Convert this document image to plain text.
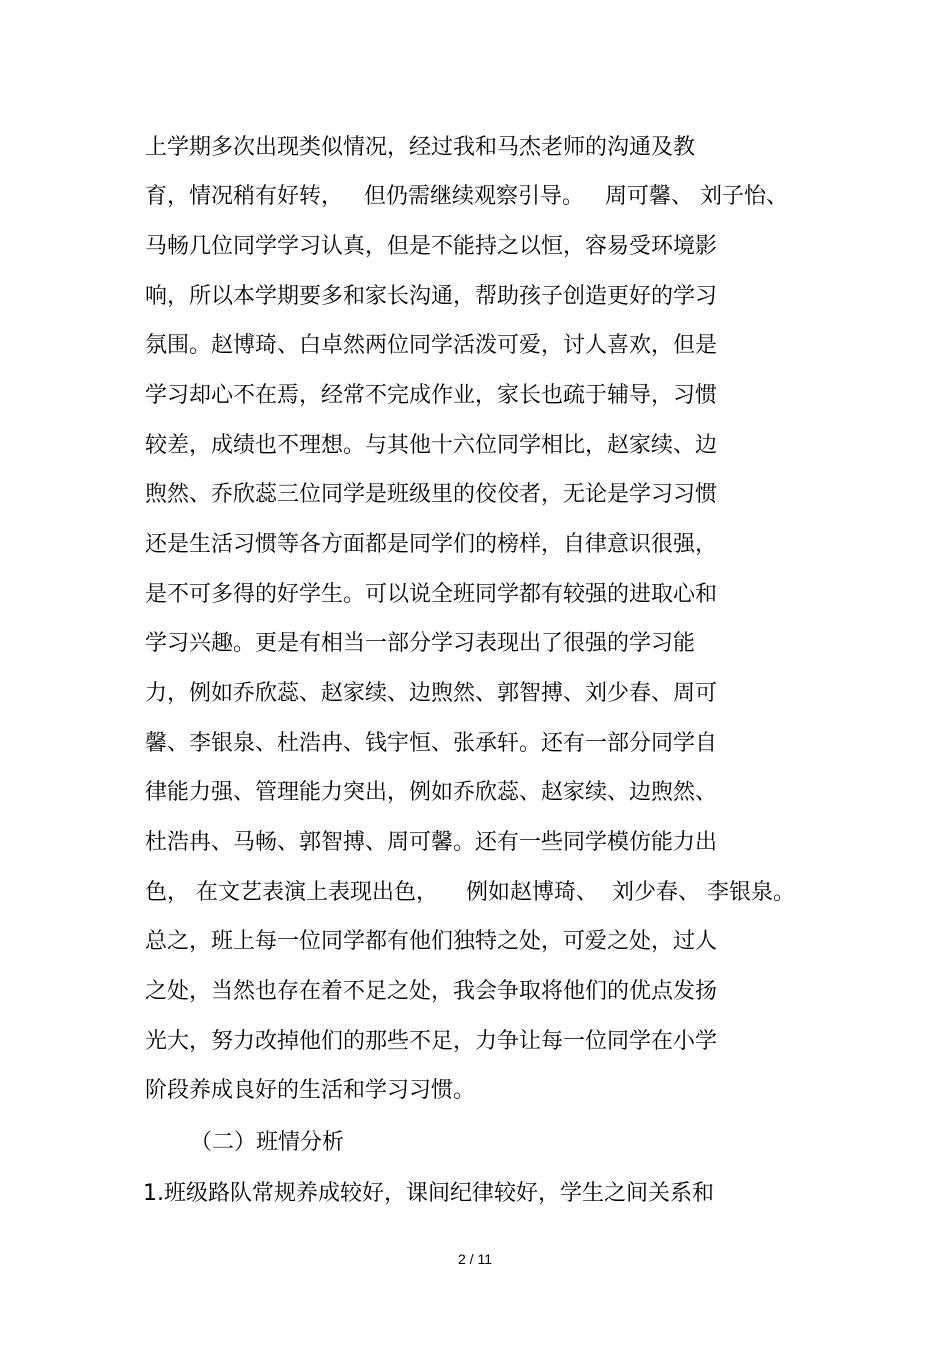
上学期多次出现类似情况，经过我和马杰老师的沟通及教
育，情况稍有好转，   但仍需继续观察引导。   周可馨、 刘子怡、
马畅几位同学学习认真，但是不能持之以恒，容易受环境影
响，所以本学期要多和家长沟通，帮助孩子创造更好的学习
氛围。赵博琦、白卓然两位同学活泼可爱，讨人喜欢，但是
学习却心不在焉，经常不完成作业，家长也疏于辅导，习惯
较差，成绩也不理想。与其他十六位同学相比，赵家续、边
煦然、乔欣蕊三位同学是班级里的佼佼者，无论是学习习惯
还是生活习惯等各方面都是同学们的榜样，自律意识很强，
是不可多得的好学生。可以说全班同学都有较强的进取心和
学习兴趣。更是有相当一部分学习表现出了很强的学习能
力，例如乔欣蕊、赵家续、边煦然、郭智搏、刘少春、周可
馨、李银泉、杜浩冉、钱宇恒、张承轩。还有一部分同学自
律能力强、管理能力突出，例如乔欣蕊、赵家续、边煦然、
杜浩冉、马畅、郭智搏、周可馨。还有一些同学模仿能力出
色， 在文艺表演上表现出色，    例如赵博琦、  刘少春、 李银泉。
总之，班上每一位同学都有他们独特之处，可爱之处，过人
之处，当然也存在着不足之处，我会争取将他们的优点发扬
光大，努力改掉他们的那些不足，力争让每一位同学在小学
阶段养成良好的生活和学习习惯。
（二）班情分析
1.班级路队常规养成较好，课间纪律较好，学生之间关系和
2 / 11
